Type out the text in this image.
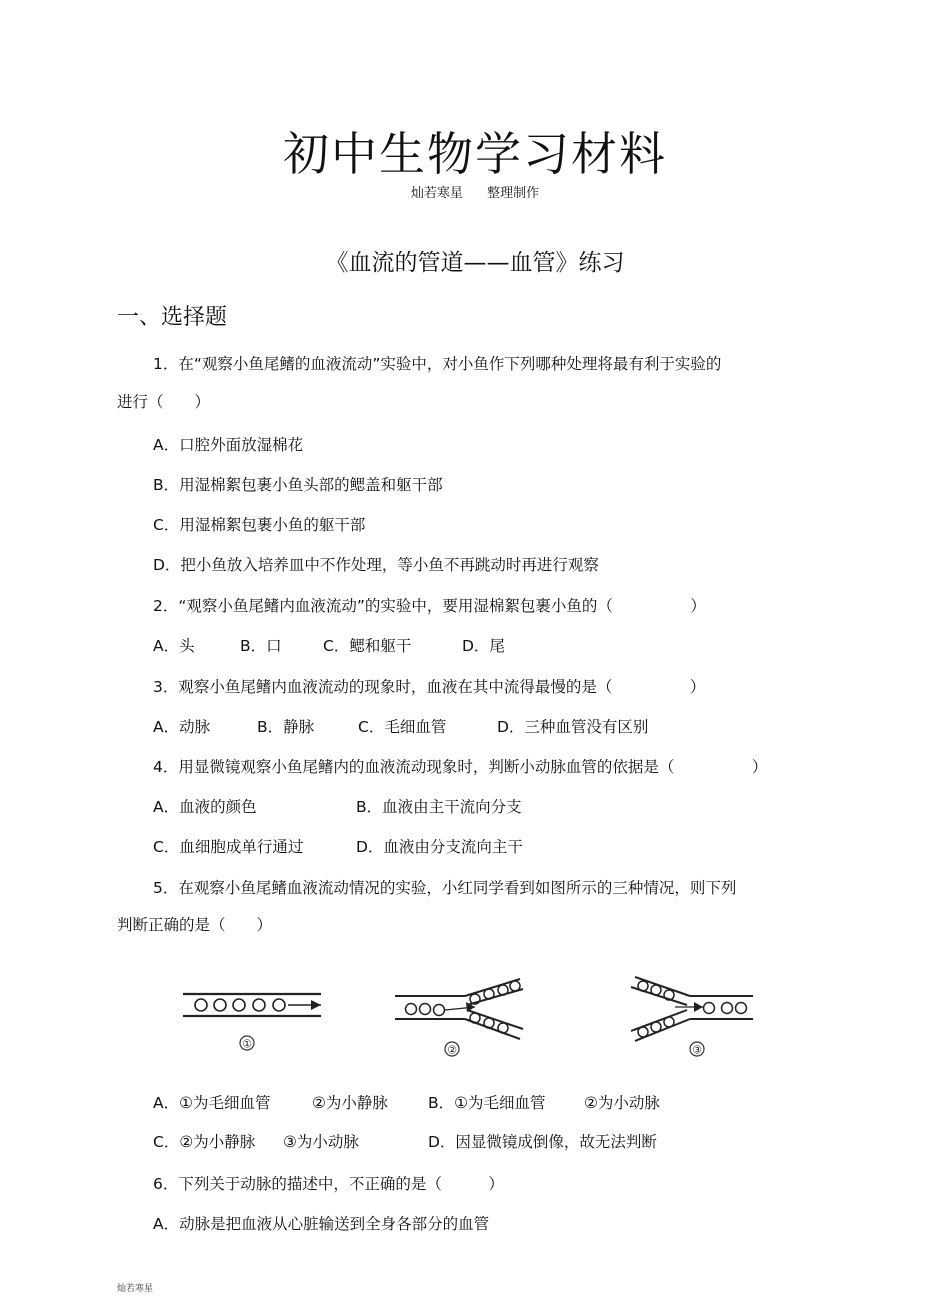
初中生物学习材料
灿若寒星 整理制作
《血流的管道——血管》练习
一、选择题
1．在“观察小鱼尾鳍的血液流动”实验中，对小鱼作下列哪种处理将最有利于实验的
进行（　　）
A．口腔外面放湿棉花
B．用湿棉絮包裹小鱼头部的鳃盖和躯干部
C．用湿棉絮包裹小鱼的躯干部
D．把小鱼放入培养皿中不作处理，等小鱼不再跳动时再进行观察
2．“观察小鱼尾鳍内血液流动”的实验中，要用湿棉絮包裹小鱼的（　　　　　）
A．头	B．口	C．鳃和躯干	D．尾
3．观察小鱼尾鳍内血液流动的现象时，血液在其中流得最慢的是（　　　　　）
A．动脉	B．静脉	C．毛细血管	D．三种血管没有区别
4．用显微镜观察小鱼尾鳍内的血液流动现象时，判断小动脉血管的依据是（　　　　　）
A．血液的颜色	B．血液由主干流向分支
C．血细胞成单行通过	D．血液由分支流向主干
5．在观察小鱼尾鳍血液流动情况的实验，小红同学看到如图所示的三种情况，则下列
判断正确的是（　　）
①	②	③
A．①为毛细血管	②为小静脉	B．①为毛细血管 ②为小动脉
C．②为小静脉 ③为小动脉	D．因显微镜成倒像，故无法判断
6．下列关于动脉的描述中，不正确的是（　　　）
A．动脉是把血液从心脏输送到全身各部分的血管
灿若寒星
